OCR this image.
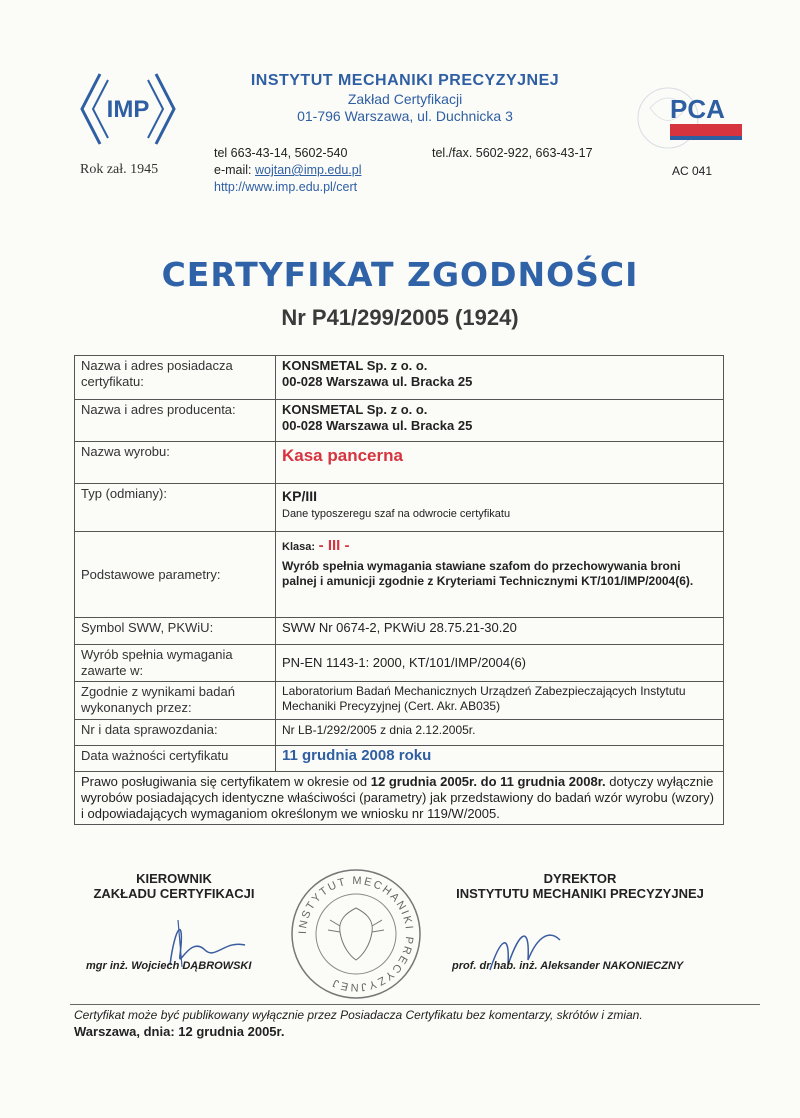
IMP
Rok zał. 1945
INSTYTUT MECHANIKI PRECYZYJNEJ
Zakład Certyfikacji
01-796 Warszawa, ul. Duchnicka 3
tel 663-43-14, 5602-540
e-mail: wojtan@imp.edu.pl
http://www.imp.edu.pl/cert
tel./fax. 5602-922, 663-43-17
PCA
AC 041
CERTYFIKAT ZGODNOŚCI
Nr P41/299/2005 (1924)
Nazwa i adres posiadacza certyfikatu:	KONSMETAL Sp. z o. o.
00-028 Warszawa ul. Bracka 25

Nazwa i adres producenta:	KONSMETAL Sp. z o. o.
00-028 Warszawa ul. Bracka 25

Nazwa wyrobu:	Kasa pancerna

Typ (odmiany):	KP/III
Dane typoszeregu szaf na odwrocie certyfikatu

Podstawowe parametry:	Klasa: - III -
Wyrób spełnia wymagania stawiane szafom do przechowywania broni palnej i amunicji zgodnie z Kryteriami Technicznymi KT/101/IMP/2004(6).

Symbol SWW, PKWiU:	SWW Nr 0674-2, PKWiU 28.75.21-30.20
Wyrób spełnia wymagania zawarte w:	PN-EN 1143-1: 2000, KT/101/IMP/2004(6)
Zgodnie z wynikami badań wykonanych przez:	Laboratorium Badań Mechanicznych Urządzeń Zabezpieczających Instytutu Mechaniki Precyzyjnej (Cert. Akr. AB035)
Nr i data sprawozdania:	Nr LB-1/292/2005 z dnia 2.12.2005r.
Data ważności certyfikatu	11 grudnia 2008 roku
Prawo posługiwania się certyfikatem w okresie od 12 grudnia 2005r. do 11 grudnia 2008r. dotyczy wyłącznie wyrobów posiadających identyczne właściwości (parametry) jak przedstawiony do badań wzór wyrobu (wzory) i odpowiadających wymaganiom określonym we wniosku nr 119/W/2005.	
KIEROWNIK
ZAKŁADU CERTYFIKACJI
mgr inż. Wojciech DĄBROWSKI
INSTYTUT MECHANIKI PRECYZYJNEJ
DYREKTOR
INSTYTUTU MECHANIKI PRECYZYJNEJ
prof. dr hab. inż. Aleksander NAKONIECZNY
Certyfikat może być publikowany wyłącznie przez Posiadacza Certyfikatu bez komentarzy, skrótów i zmian.
Warszawa, dnia: 12 grudnia 2005r.
